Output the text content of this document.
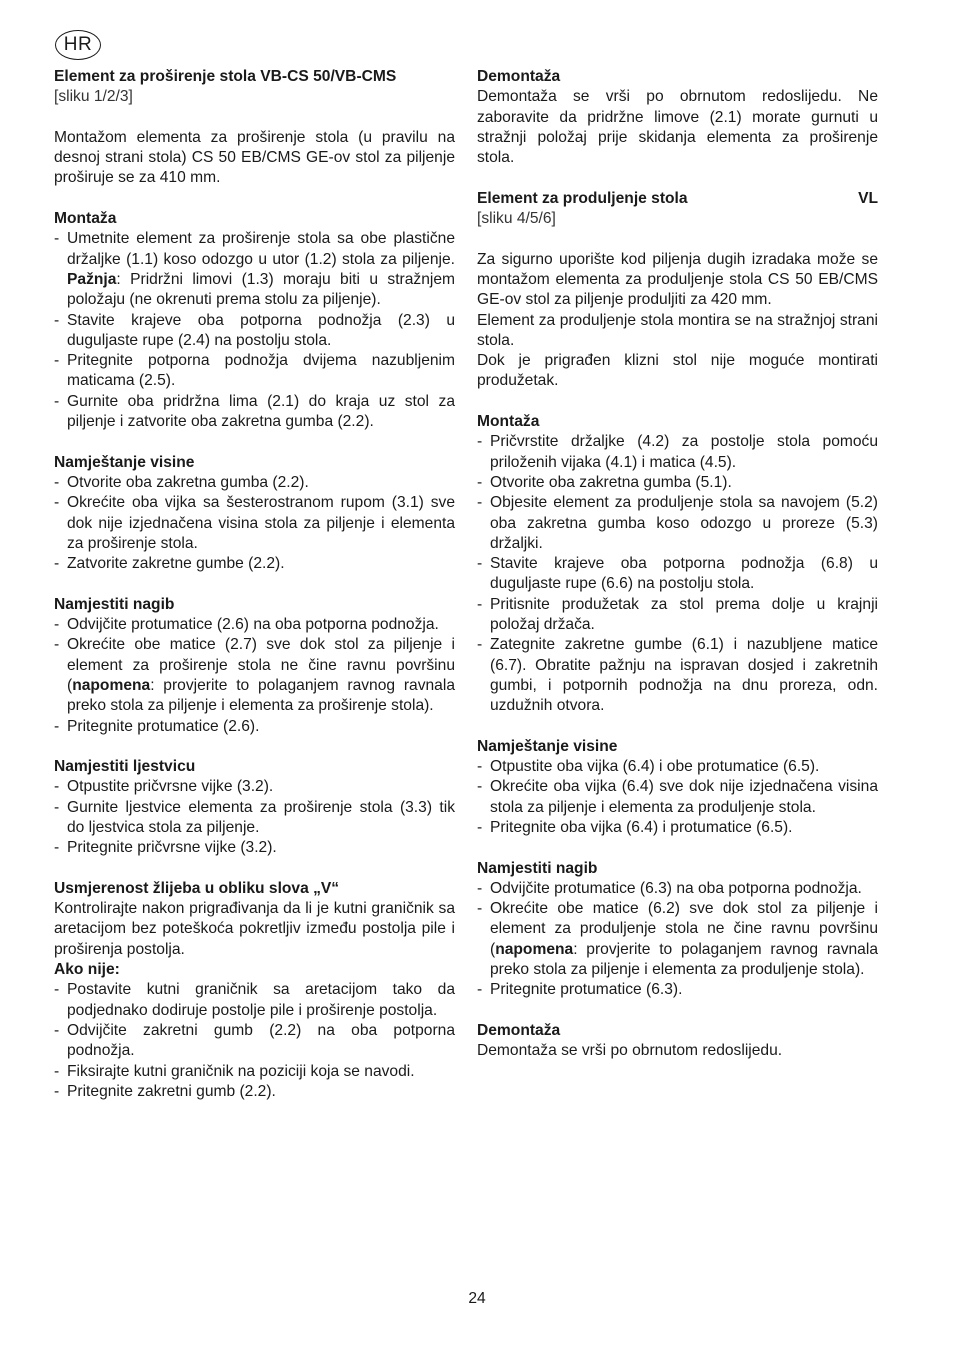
HR
Element za proširenje stola VB-CS 50/VB-CMS
[sliku 1/2/3]

Montažom elementa za proširenje stola (u pravilu na desnoj strani stola) CS 50 EB/CMS GE-ov stol za piljenje proširuje se za 410 mm.

Montaža
- Umetnite element za proširenje stola sa obe plastične držaljke (1.1) koso odozgo u utor (1.2) stola za piljenje. Pažnja: Pridržni limovi (1.3) moraju biti u stražnjem položaju (ne okrenuti prema stolu za piljenje).
- Stavite krajeve oba potporna podnožja (2.3) u duguljaste rupe (2.4) na postolju stola.
- Pritegnite potporna podnožja dvijema nazubljenim maticama (2.5).
- Gurnite oba pridržna lima (2.1) do kraja uz stol za piljenje i zatvorite oba zakretna gumba (2.2).
Namještanje visine
- Otvorite oba zakretna gumba (2.2).
- Okrećite oba vijka sa šesterostranom rupom (3.1) sve dok nije izjednačena visina stola za piljenje i elementa za proširenje stola.
- Zatvorite zakretne gumbe (2.2).
Namjestiti nagib
- Odvijčite protumatice (2.6) na oba potporna podnožja.
- Okrećite obe matice (2.7) sve dok stol za piljenje i element za proširenje stola ne čine ravnu površinu (napomena: provjerite to polaganjem ravnog ravnala preko stola za piljenje i elementa za proširenje stola).
- Pritegnite protumatice (2.6).
Namjestiti ljestvicu
- Otpustite pričvrsne vijke (3.2).
- Gurnite ljestvice elementa za proširenje stola (3.3) tik do ljestvica stola za piljenje.
- Pritegnite pričvrsne vijke (3.2).
Usmjerenost žlijeba u obliku slova „V“

Kontrolirajte nakon prigrađivanja da li je kutni graničnik sa aretacijom bez poteškoća pokretljiv između postolja pile i proširenja postolja.

Ako nije:
- Postavite kutni graničnik sa aretacijom tako da podjednako dodiruje postolje pile i proširenje postolja.
- Odvijčite zakretni gumb (2.2) na oba potporna podnožja.
- Fiksirajte kutni graničnik na poziciji koja se navodi.
- Pritegnite zakretni gumb (2.2).
Demontaža

Demontaža se vrši po obrnutom redoslijedu. Ne zaboravite da pridržne limove (2.1) morate gurnuti u stražnji položaj prije skidanja elementa za proširenje stola.

Element za produljenje stola	VL
[sliku 4/5/6]

Za sigurno uporište kod piljenja dugih izradaka može se montažom elementa za produljenje stola CS 50 EB/CMS GE-ov stol za piljenje produljiti za 420 mm.

Element za produljenje stola montira se na stražnjoj strani stola.

Dok je prigrađen klizni stol nije moguće montirati produžetak.

Montaža
- Pričvrstite držaljke (4.2) za postolje stola pomoću priloženih vijaka (4.1) i matica (4.5).
- Otvorite oba zakretna gumba (5.1).
- Objesite element za produljenje stola sa navojem (5.2) oba zakretna gumba koso odozgo u proreze (5.3) držaljki.
- Stavite krajeve oba potporna podnožja (6.8) u duguljaste rupe (6.6) na postolju stola.
- Pritisnite produžetak za stol prema dolje u krajnji položaj držača.
- Zategnite zakretne gumbe (6.1) i nazubljene matice (6.7). Obratite pažnju na ispravan dosjed i zakretnih gumbi, i potpornih podnožja na dnu proreza, odn. uzdužnih otvora.
Namještanje visine
- Otpustite oba vijka (6.4) i obe protumatice (6.5).
- Okrećite oba vijka (6.4) sve dok nije izjednačena visina stola za piljenje i elementa za produljenje stola.
- Pritegnite oba vijka (6.4) i protumatice (6.5).
Namjestiti nagib
- Odvijčite protumatice (6.3) na oba potporna podnožja.
- Okrećite obe matice (6.2) sve dok stol za piljenje i element za produljenje stola ne čine ravnu površinu (napomena: provjerite to polaganjem ravnog ravnala preko stola za piljenje i elementa za produljenje stola).
- Pritegnite protumatice (6.3).
Demontaža

Demontaža se vrši po obrnutom redoslijedu.

24
